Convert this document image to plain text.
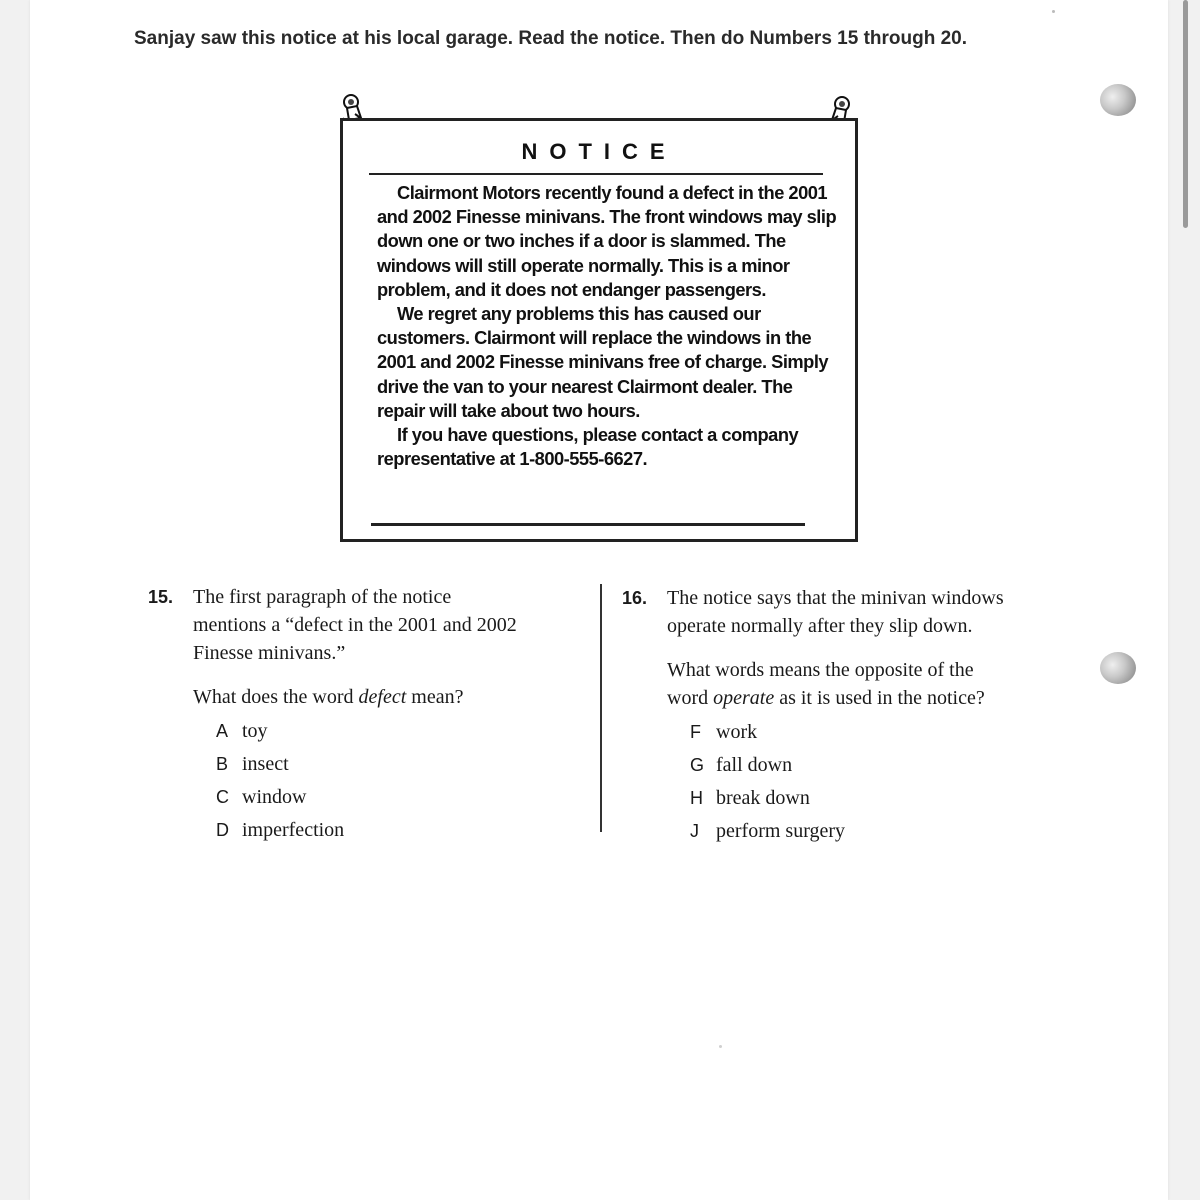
Sanjay saw this notice at his local garage. Read the notice. Then do Numbers 15 through 20.
NOTICE

Clairmont Motors recently found a defect in the 2001 and 2002 Finesse minivans. The front windows may slip down one or two inches if a door is slammed. The windows will still operate normally. This is a minor problem, and it does not endanger passengers.

We regret any problems this has caused our customers. Clairmont will replace the windows in the 2001 and 2002 Finesse minivans free of charge. Simply drive the van to your nearest Clairmont dealer. The repair will take about two hours.

If you have questions, please contact a company representative at 1-800-555-6627.

15. The first paragraph of the notice
mentions a “defect in the 2001 and 2002
Finesse minivans.”
What does the word defect mean?
A toy
B insect
C window
D imperfection
16. The notice says that the minivan windows
operate normally after they slip down.
What words means the opposite of the
word operate as it is used in the notice?
F work
G fall down
H break down
J perform surgery
